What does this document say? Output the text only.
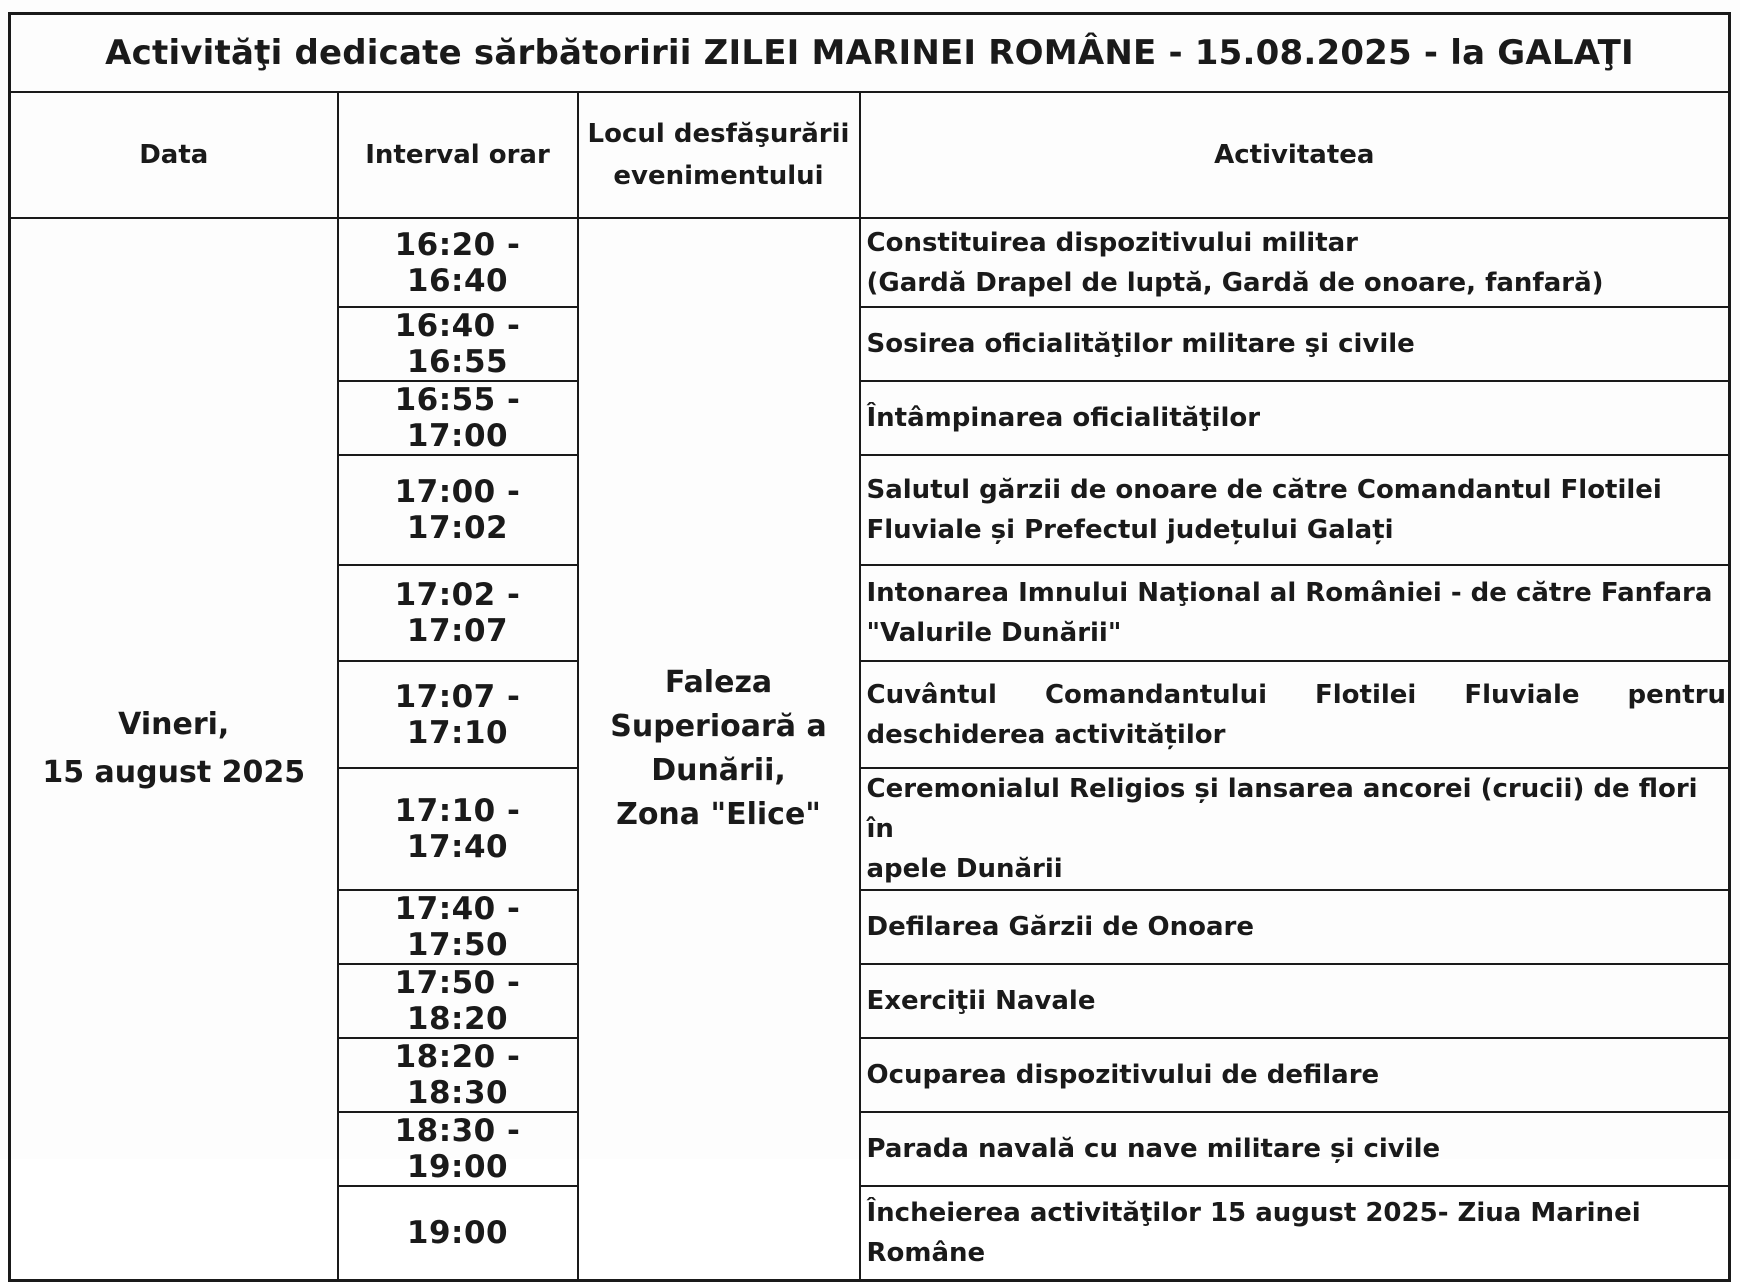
Activităţi dedicate sărbătoririi ZILEI MARINEI ROMÂNE - 15.08.2025 - la GALAŢI			
Data	Interval orar	Locul desfăşurării
evenimentului	Activitatea

Vineri,
15 august 2025	16:20 - 16:40	Faleza
Superioară a
Dunării,
Zona "Elice"	Constituirea dispozitivului militar
(Gardă Drapel de luptă, Gardă de onoare, fanfară)

	16:40 - 16:55		Sosirea oficialităţilor militare şi civile

	16:55 - 17:00		Întâmpinarea oficialităţilor

	17:00 - 17:02		Salutul gărzii de onoare de către Comandantul Flotilei
Fluviale și Prefectul județului Galați

	17:02 - 17:07		Intonarea Imnului Naţional al României - de către Fanfara
"Valurile Dunării"

	17:07 - 17:10		Cuvântul Comandantului Flotilei Fluviale pentru
deschiderea activităților

	17:10 - 17:40		Ceremonialul Religios și lansarea ancorei (crucii) de flori în
apele Dunării

	17:40 - 17:50		Defilarea Gărzii de Onoare

	17:50 - 18:20		Exerciţii Navale

	18:20 - 18:30		Ocuparea dispozitivului de defilare

	18:30 - 19:00		Parada navală cu nave militare și civile

	19:00		Încheierea activităţilor 15 august 2025- Ziua Marinei
Române
